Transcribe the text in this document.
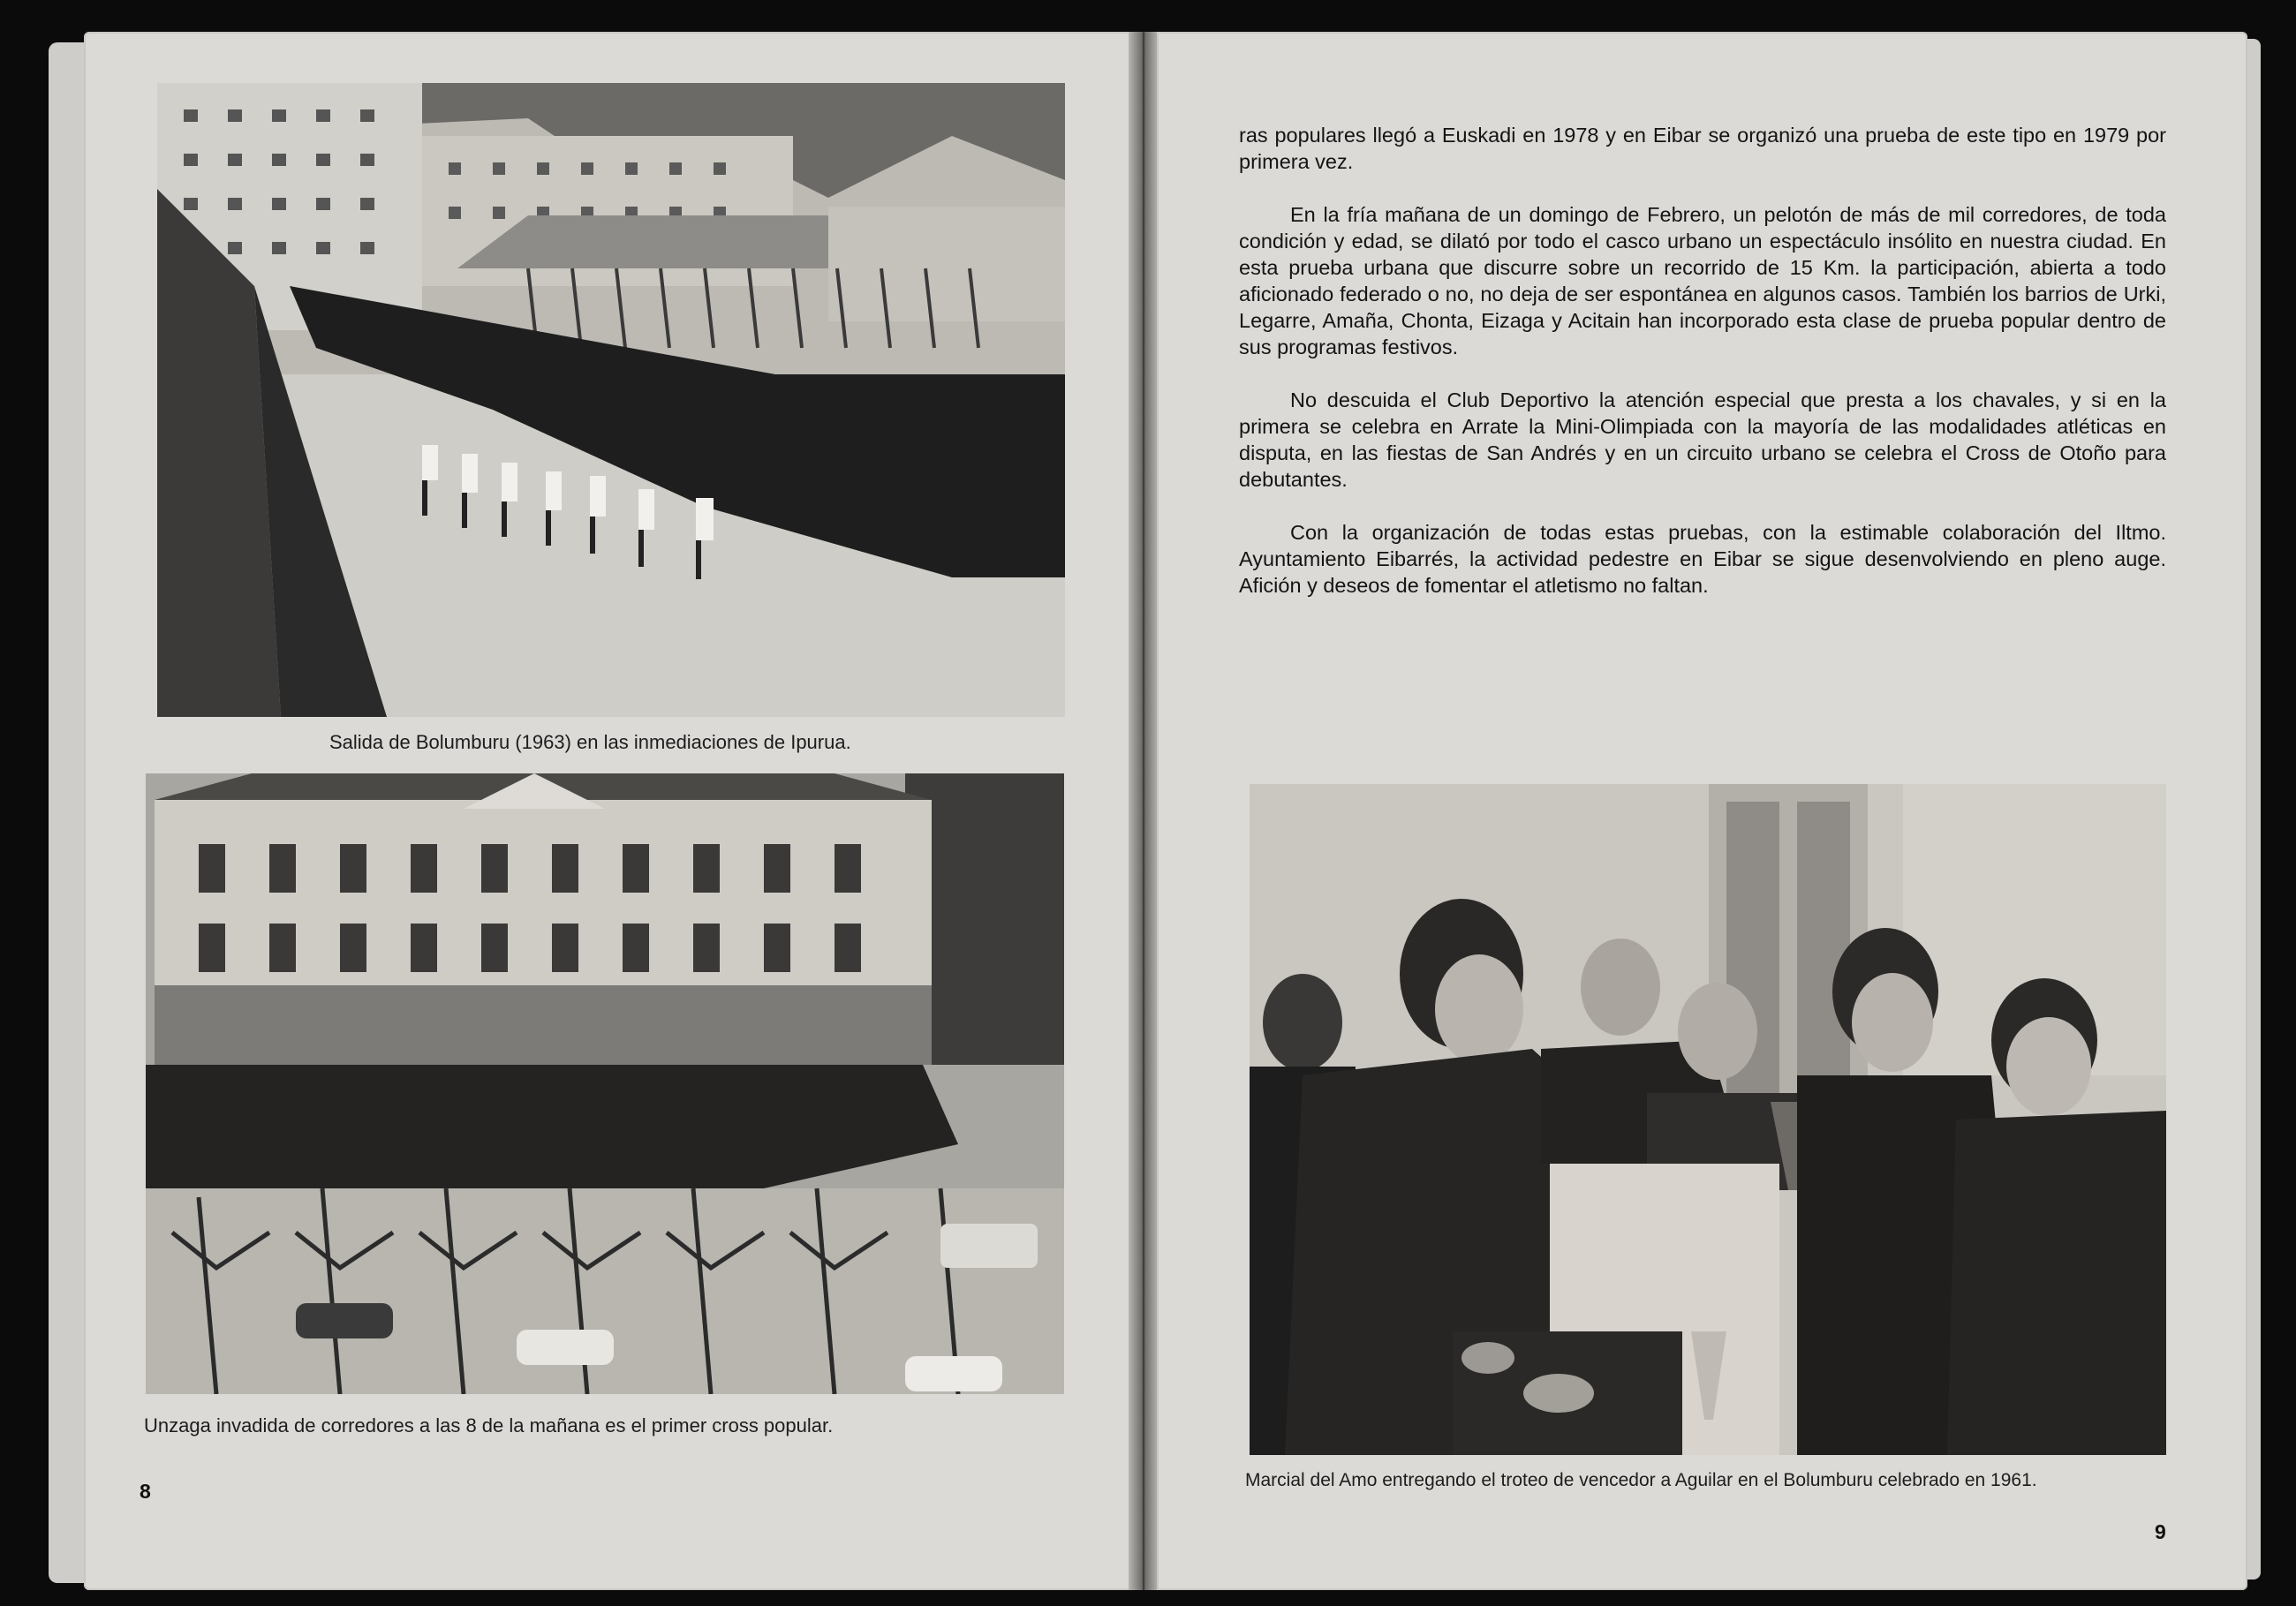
Salida de Bolumburu (1963) en las inmediaciones de Ipurua.
Unzaga invadida de corredores a las 8 de la mañana es el primer cross popular.
8

ras populares llegó a Euskadi en 1978 y en Eibar se organizó una prueba de este tipo en 1979 por primera vez.

En la fría mañana de un domingo de Febrero, un pelotón de más de mil corredores, de toda condición y edad, se dilató por todo el casco urbano un espectáculo insólito en nuestra ciudad. En esta prueba urbana que discurre sobre un recorrido de 15 Km. la participación, abierta a todo aficionado federado o no, no deja de ser espontánea en algunos casos. También los barrios de Urki, Legarre, Amaña, Chonta, Eizaga y Acitain han incorporado esta clase de prueba popular dentro de sus programas festivos.

No descuida el Club Deportivo la atención especial que presta a los chavales, y si en la primera se celebra en Arrate la Mini-Olimpiada con la mayoría de las modalidades atléticas en disputa, en las fiestas de San Andrés y en un circuito urbano se celebra el Cross de Otoño para debutantes.

Con la organización de todas estas pruebas, con la estimable colaboración del Iltmo. Ayuntamiento Eibarrés, la actividad pedestre en Eibar se sigue desenvolviendo en pleno auge. Afición y deseos de fomentar el atletismo no faltan.

Marcial del Amo entregando el troteo de vencedor a Aguilar en el Bolumburu celebrado en 1961.
9
